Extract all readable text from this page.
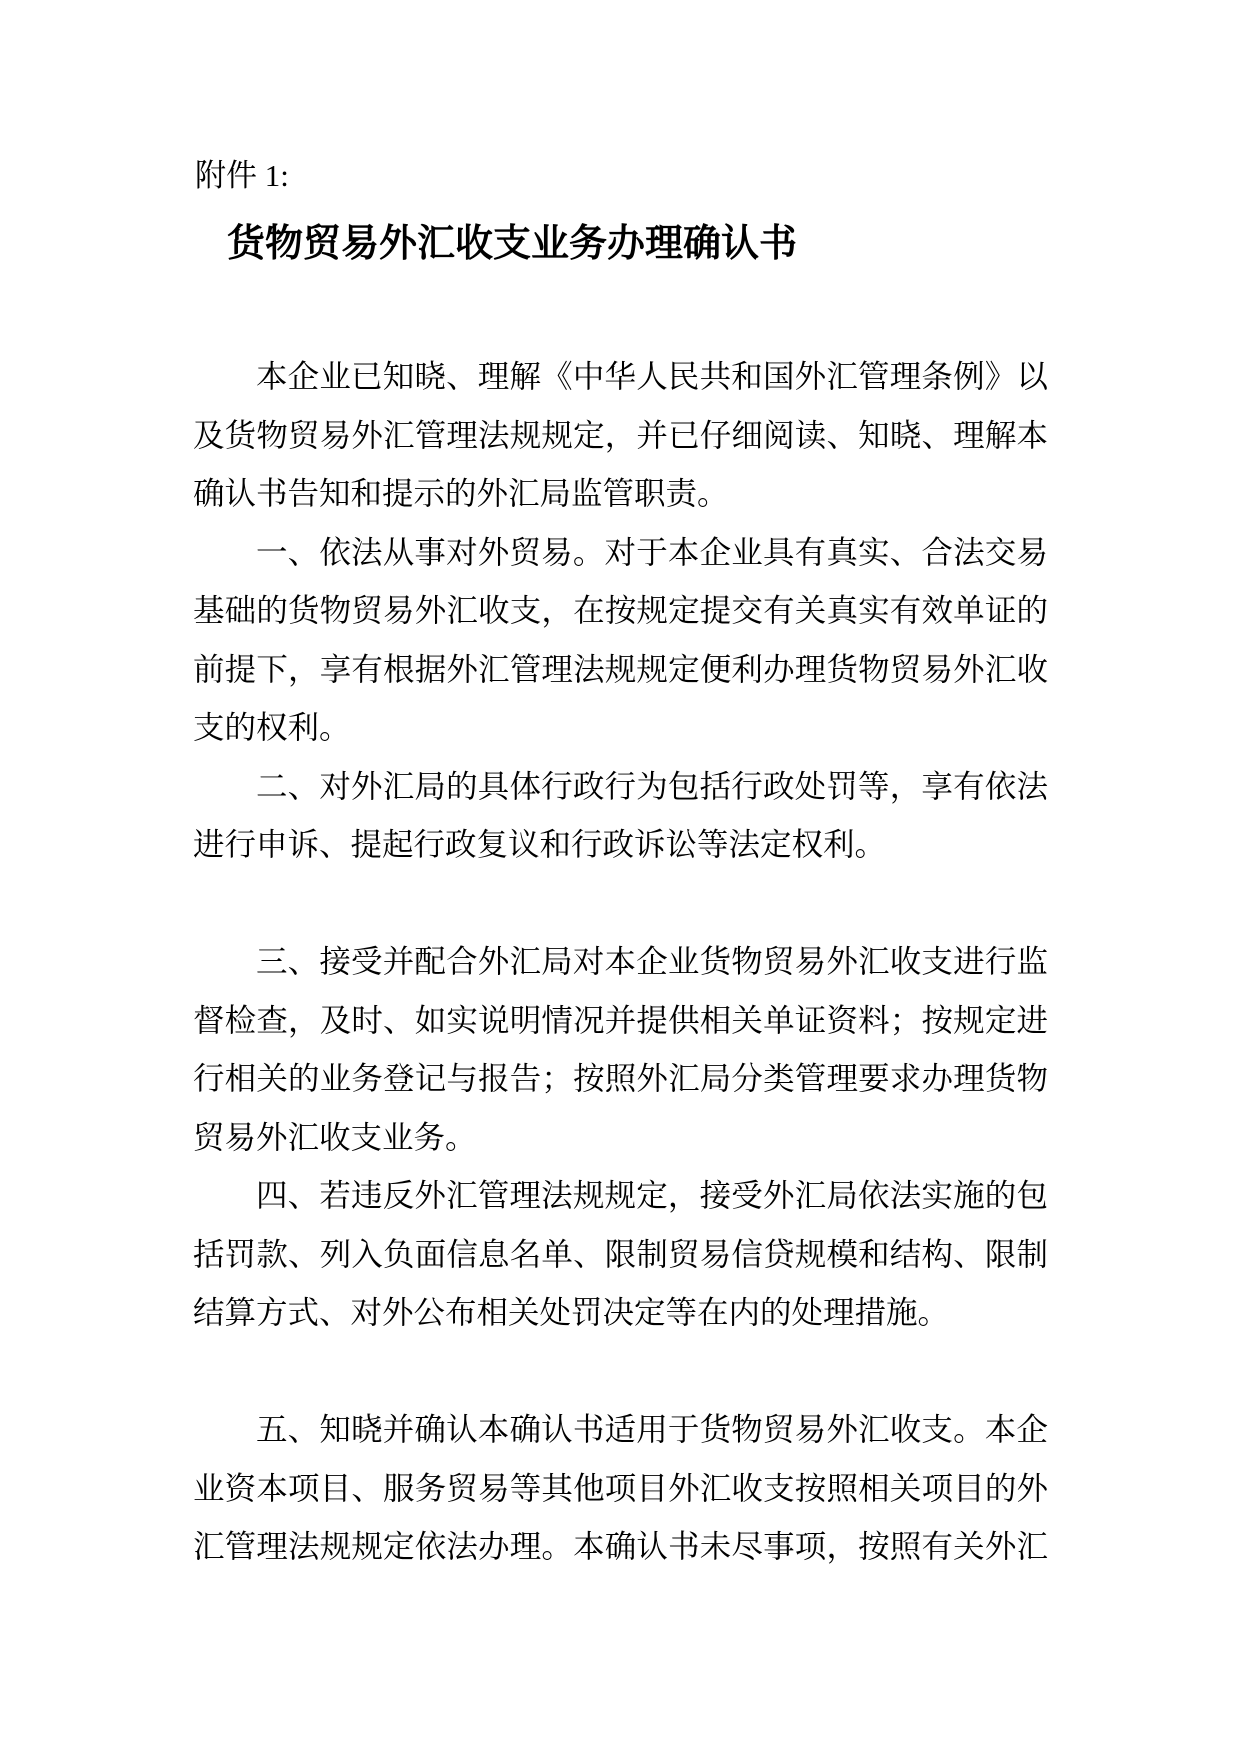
附件 1:
货物贸易外汇收支业务办理确认书
本企业已知晓、理解《中华人民共和国外汇管理条例》以
及货物贸易外汇管理法规规定，并已仔细阅读、知晓、理解本
确认书告知和提示的外汇局监管职责。
一、依法从事对外贸易。对于本企业具有真实、合法交易
基础的货物贸易外汇收支，在按规定提交有关真实有效单证的
前提下，享有根据外汇管理法规规定便利办理货物贸易外汇收
支的权利。
二、对外汇局的具体行政行为包括行政处罚等，享有依法
进行申诉、提起行政复议和行政诉讼等法定权利。
三、接受并配合外汇局对本企业货物贸易外汇收支进行监
督检查，及时、如实说明情况并提供相关单证资料；按规定进
行相关的业务登记与报告；按照外汇局分类管理要求办理货物
贸易外汇收支业务。
四、若违反外汇管理法规规定，接受外汇局依法实施的包
括罚款、列入负面信息名单、限制贸易信贷规模和结构、限制
结算方式、对外公布相关处罚决定等在内的处理措施。
五、知晓并确认本确认书适用于货物贸易外汇收支。本企
业资本项目、服务贸易等其他项目外汇收支按照相关项目的外
汇管理法规规定依法办理。本确认书未尽事项，按照有关外汇
